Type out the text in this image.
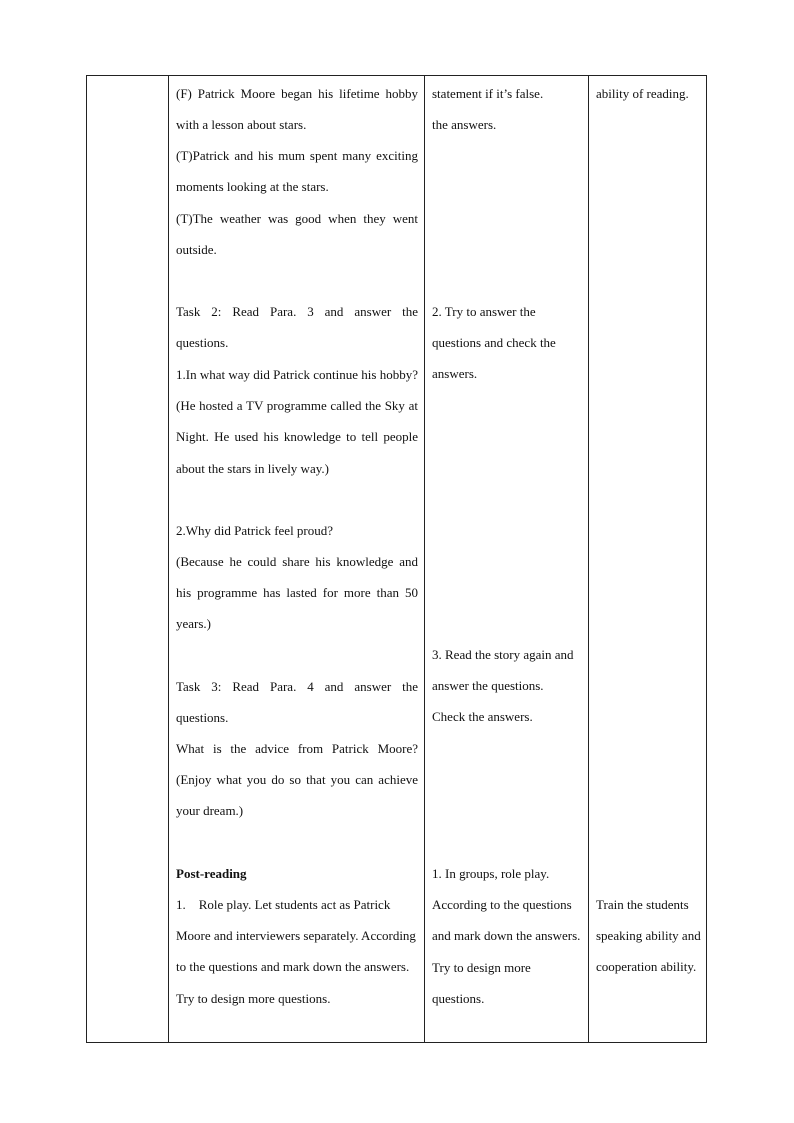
(F) Patrick Moore began his lifetime hobby with a lesson about stars.

(T)Patrick and his mum spent many exciting moments looking at the stars.

(T)The weather was good when they went outside.

Task 2: Read Para. 3 and answer the questions.

1.In what way did Patrick continue his hobby? (He hosted a TV programme called the Sky at Night. He used his knowledge to tell people about the stars in lively way.)

2.Why did Patrick feel proud?

(Because he could share his knowledge and his programme has lasted for more than 50 years.)

Task 3: Read Para. 4 and answer the questions.

What is the advice from Patrick Moore?(Enjoy what you do so that you can achieve your dream.)

Post-reading

1.    Role play. Let students act as Patrick Moore and interviewers separately. According to the questions and mark down the answers. Try to design more questions.

statement if it’s false.

the answers.

2. Try to answer the questions and check the answers.

3. Read the story again and answer the questions. Check the answers.

1. In groups, role play. According to the questions and mark down the answers. Try to design more questions.

ability of reading.

Train the students speaking ability and cooperation ability.
